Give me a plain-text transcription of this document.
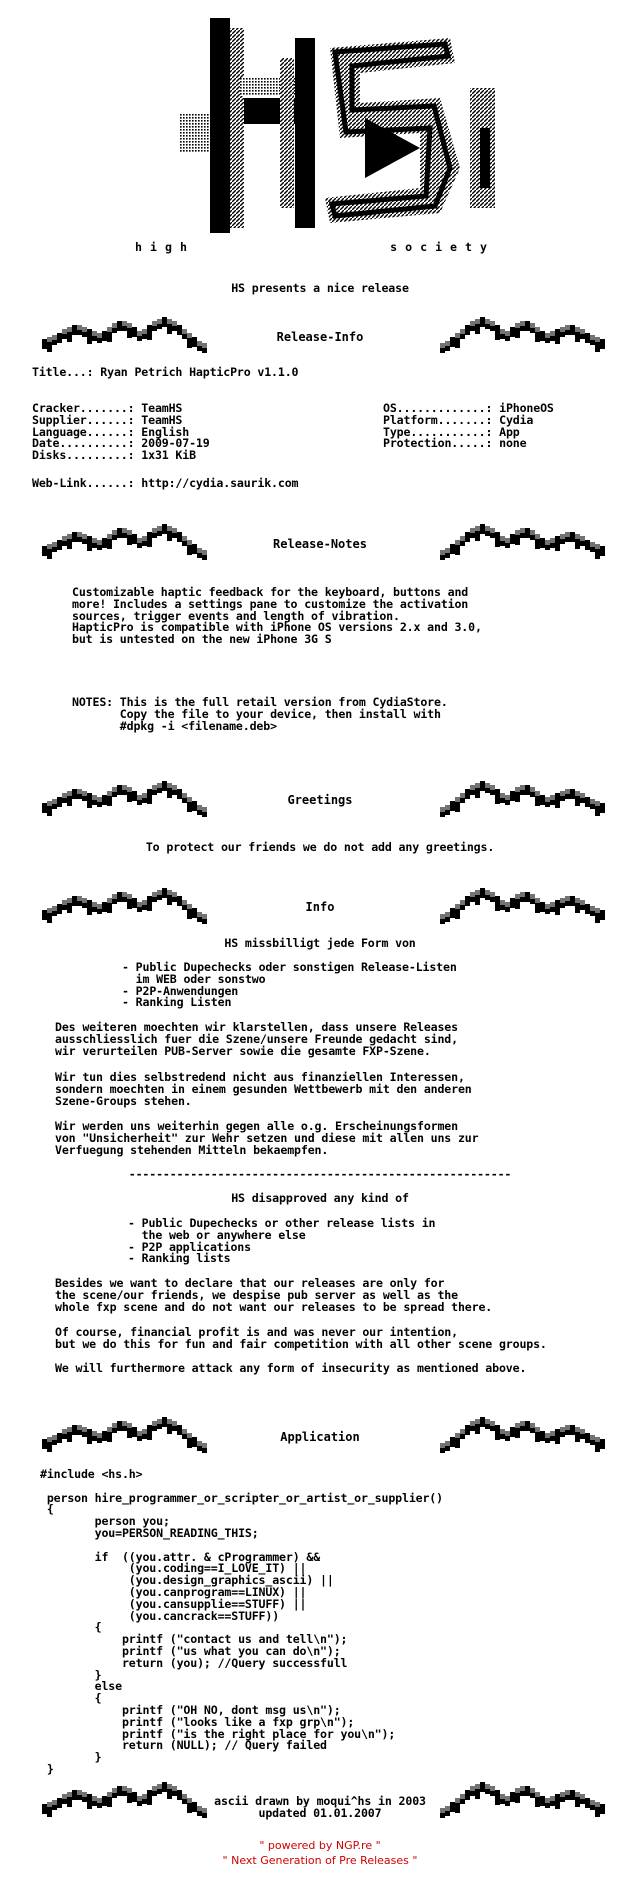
high	society
HS presents a nice release
Release-Info
Title...: Ryan Petrich HapticPro v1.1.0
Cracker.......: TeamHS
Supplier......: TeamHS
Language......: English
Date..........: 2009-07-19
Disks.........: 1x31 KiB
OS.............: iPhoneOS
Platform.......: Cydia
Type...........: App
Protection.....: none
Web-Link......: http://cydia.saurik.com
Release-Notes
Customizable haptic feedback for the keyboard, buttons and
more! Includes a settings pane to customize the activation
sources, trigger events and length of vibration.
HapticPro is compatible with iPhone OS versions 2.x and 3.0,
but is untested on the new iPhone 3G S
NOTES: This is the full retail version from CydiaStore.
Copy the file to your device, then install with
#dpkg -i <filename.deb>
Greetings
To protect our friends we do not add any greetings.
Info
HS missbilligt jede Form von
- Public Dupechecks oder sonstigen Release-Listen
im WEB oder sonstwo
- P2P-Anwendungen
- Ranking Listen
Des weiteren moechten wir klarstellen, dass unsere Releases
ausschliesslich fuer die Szene/unsere Freunde gedacht sind,
wir verurteilen PUB-Server sowie die gesamte FXP-Szene.
Wir tun dies selbstredend nicht aus finanziellen Interessen,
sondern moechten in einem gesunden Wettbewerb mit den anderen
Szene-Groups stehen.
Wir werden uns weiterhin gegen alle o.g. Erscheinungsformen
von "Unsicherheit" zur Wehr setzen und diese mit allen uns zur
Verfuegung stehenden Mitteln bekaempfen.
--------------------------------------------------------
HS disapproved any kind of
- Public Dupechecks or other release lists in
the web or anywhere else
- P2P applications
- Ranking lists
Besides we want to declare that our releases are only for
the scene/our friends, we despise pub server as well as the
whole fxp scene and do not want our releases to be spread there.
Of course, financial profit is and was never our intention,
but we do this for fun and fair competition with all other scene groups.
We will furthermore attack any form of insecurity as mentioned above.
Application
#include <hs.h>

person hire_programmer_or_scripter_or_artist_or_supplier()
{
person you;
you=PERSON_READING_THIS;

if  ((you.attr. & cProgrammer) &&
(you.coding==I_LOVE_IT) ||
(you.design_graphics_ascii) ||
(you.canprogram==LINUX) ||
(you.cansupplie==STUFF) ||
(you.cancrack==STUFF))
{
printf ("contact us and tell\n");
printf ("us what you can do\n");
return (you); //Query successfull
}
else
{
printf ("OH NO, dont msg us\n");
printf ("looks like a fxp grp\n");
printf ("is the right place for you\n");
return (NULL); // Query failed
}
}
ascii drawn by moqui^hs in 2003
updated 01.01.2007
" powered by NGP.re "
" Next Generation of Pre Releases "
